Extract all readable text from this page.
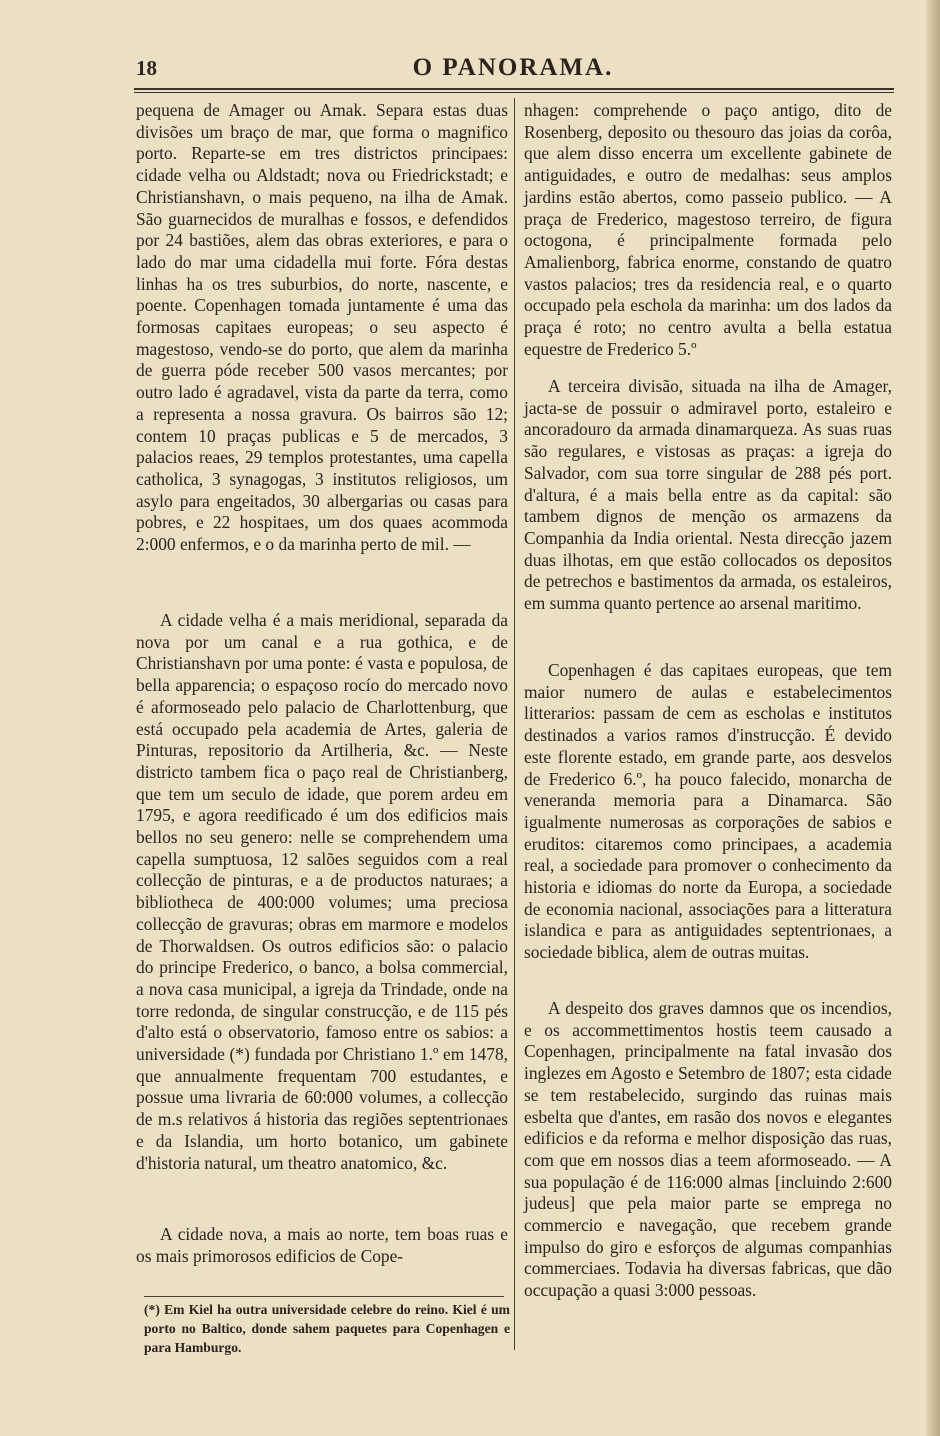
18	O PANORAMA.

pequena de Amager ou Amak. Separa estas duas divisões um braço de mar, que forma o magnifico porto. Reparte-se em tres districtos principaes: cidade velha ou Aldstadt; nova ou Friedrickstadt; e Christianshavn, o mais pequeno, na ilha de Amak. São guarnecidos de muralhas e fossos, e defendidos por 24 bastiões, alem das obras exteriores, e para o lado do mar uma cidadella mui forte. Fóra destas linhas ha os tres suburbios, do norte, nascente, e poente. Copenhagen tomada juntamente é uma das formosas capitaes europeas; o seu aspecto é magestoso, vendo-se do porto, que alem da marinha de guerra póde receber 500 vasos mercantes; por outro lado é agradavel, vista da parte da terra, como a representa a nossa gravura. Os bairros são 12; contem 10 praças publicas e 5 de mercados, 3 palacios reaes, 29 templos protestantes, uma capella catholica, 3 synagogas, 3 institutos religiosos, um asylo para engeitados, 30 albergarias ou casas para pobres, e 22 hospitaes, um dos quaes acommoda 2:000 enfermos, e o da marinha perto de mil. —

A cidade velha é a mais meridional, separada da nova por um canal e a rua gothica, e de Christianshavn por uma ponte: é vasta e populosa, de bella apparencia; o espaçoso rocío do mercado novo é aformoseado pelo palacio de Charlottenburg, que está occupado pela academia de Artes, galeria de Pinturas, repositorio da Artilheria, &c. — Neste districto tambem fica o paço real de Christianberg, que tem um seculo de idade, que porem ardeu em 1795, e agora reedificado é um dos edificios mais bellos no seu genero: nelle se comprehendem uma capella sumptuosa, 12 salões seguidos com a real collecção de pinturas, e a de productos naturaes; a bibliotheca de 400:000 volumes; uma preciosa collecção de gravuras; obras em marmore e modelos de Thorwaldsen. Os outros edificios são: o palacio do principe Frederico, o banco, a bolsa commercial, a nova casa municipal, a igreja da Trindade, onde na torre redonda, de singular construcção, e de 115 pés d'alto está o observatorio, famoso entre os sabios: a universidade (*) fundada por Christiano 1.º em 1478, que annualmente frequentam 700 estudantes, e possue uma livraria de 60:000 volumes, a collecção de m.s relativos á historia das regiões septentrionaes e da Islandia, um horto botanico, um gabinete d'historia natural, um theatro anatomico, &c.

A cidade nova, a mais ao norte, tem boas ruas e os mais primorosos edificios de Cope-

nhagen: comprehende o paço antigo, dito de Rosenberg, deposito ou thesouro das joias da corôa, que alem disso encerra um excellente gabinete de antiguidades, e outro de medalhas: seus amplos jardins estão abertos, como passeio publico. — A praça de Frederico, magestoso terreiro, de figura octogona, é principalmente formada pelo Amalienborg, fabrica enorme, constando de quatro vastos palacios; tres da residencia real, e o quarto occupado pela eschola da marinha: um dos lados da praça é roto; no centro avulta a bella estatua equestre de Frederico 5.º

A terceira divisão, situada na ilha de Amager, jacta-se de possuir o admiravel porto, estaleiro e ancoradouro da armada dinamarqueza. As suas ruas são regulares, e vistosas as praças: a igreja do Salvador, com sua torre singular de 288 pés port. d'altura, é a mais bella entre as da capital: são tambem dignos de menção os armazens da Companhia da India oriental. Nesta direcção jazem duas ilhotas, em que estão collocados os depositos de petrechos e bastimentos da armada, os estaleiros, em summa quanto pertence ao arsenal maritimo.

Copenhagen é das capitaes europeas, que tem maior numero de aulas e estabelecimentos litterarios: passam de cem as escholas e institutos destinados a varios ramos d'instrucção. É devido este florente estado, em grande parte, aos desvelos de Frederico 6.º, ha pouco falecido, monarcha de veneranda memoria para a Dinamarca. São igualmente numerosas as corporações de sabios e eruditos: citaremos como principaes, a academia real, a sociedade para promover o conhecimento da historia e idiomas do norte da Europa, a sociedade de economia nacional, associações para a litteratura islandica e para as antiguidades septentrionaes, a sociedade biblica, alem de outras muitas.

A despeito dos graves damnos que os incendios, e os accommettimentos hostis teem causado a Copenhagen, principalmente na fatal invasão dos inglezes em Agosto e Setembro de 1807; esta cidade se tem restabelecido, surgindo das ruinas mais esbelta que d'antes, em rasão dos novos e elegantes edificios e da reforma e melhor disposição das ruas, com que em nossos dias a teem aformoseado. — A sua população é de 116:000 almas [incluindo 2:600 judeus] que pela maior parte se emprega no commercio e navegação, que recebem grande impulso do giro e esforços de algumas companhias commerciaes. Todavia ha diversas fabricas, que dão occupação a quasi 3:000 pessoas.

(*) Em Kiel ha outra universidade celebre do reino. Kiel é um porto no Baltico, donde sahem paquetes para Copenhagen e para Hamburgo.
